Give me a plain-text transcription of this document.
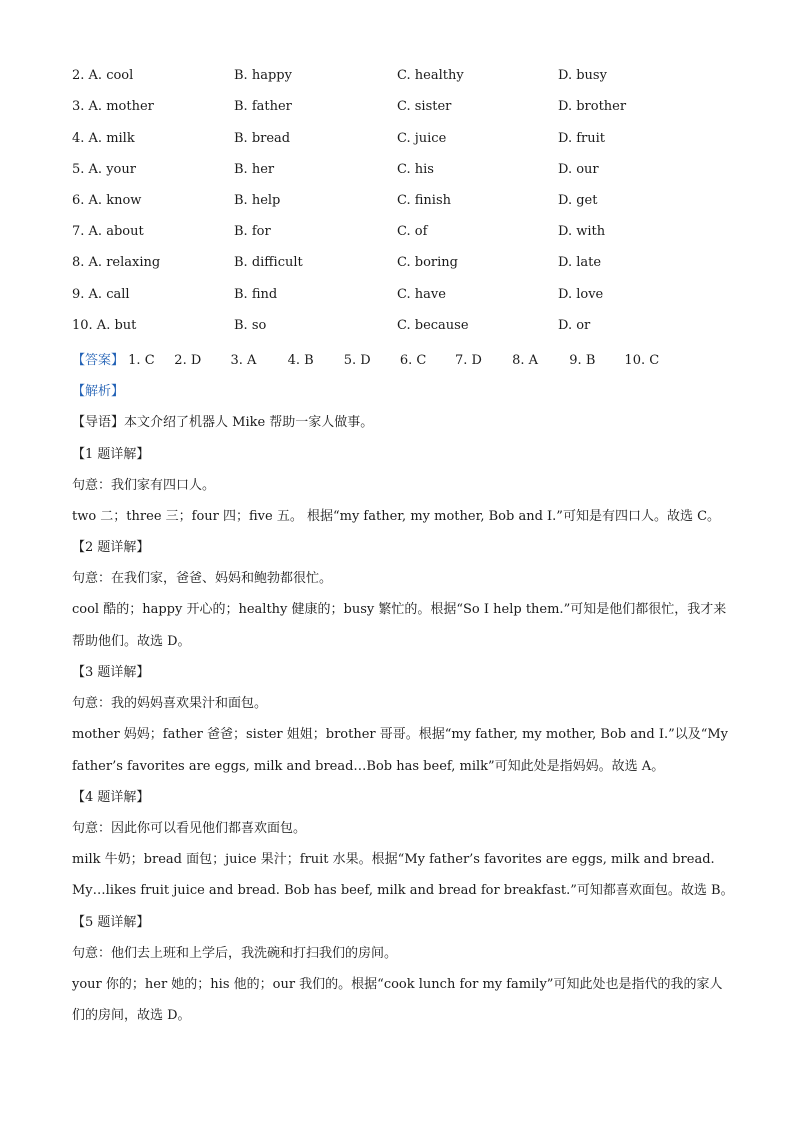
2. A. cool	B. happy	C. healthy	D. busy
3. A. mother	B. father	C. sister	D. brother
4. A. milk	B. bread	C. juice	D. fruit
5. A. your	B. her	C. his	D. our
6. A. know	B. help	C. finish	D. get
7. A. about	B. for	C. of	D. with
8. A. relaxing	B. difficult	C. boring	D. late
9. A. call	B. find	C. have	D. love
10. A. but	B. so	C. because	D. or
【答案】 1. C 2. D 3. A 4. B 5. D 6. C 7. D 8. A 9. B 10. C
【解析】
【导语】本文介绍了机器人 Mike 帮助一家人做事。
【1 题详解】
句意：我们家有四口人。
two 二；three 三；four 四；five 五。 根据“my father, my mother, Bob and I.”可知是有四口人。故选 C。
【2 题详解】
句意：在我们家，爸爸、妈妈和鲍勃都很忙。
cool 酷的；happy 开心的；healthy 健康的；busy 繁忙的。根据“So I help them.”可知是他们都很忙，我才来
帮助他们。故选 D。
【3 题详解】
句意：我的妈妈喜欢果汁和面包。
mother 妈妈；father 爸爸；sister 姐姐；brother 哥哥。根据“my father, my mother, Bob and I.”以及“My
father’s favorites are eggs, milk and bread…Bob has beef, milk”可知此处是指妈妈。故选 A。
【4 题详解】
句意：因此你可以看见他们都喜欢面包。
milk 牛奶；bread 面包；juice 果汁；fruit 水果。根据“My father’s favorites are eggs, milk and bread.
My…likes fruit juice and bread. Bob has beef, milk and bread for breakfast.”可知都喜欢面包。故选 B。
【5 题详解】
句意：他们去上班和上学后，我洗碗和打扫我们的房间。
your 你的；her 她的；his 他的；our 我们的。根据“cook lunch for my family”可知此处也是指代的我的家人
们的房间，故选 D。
